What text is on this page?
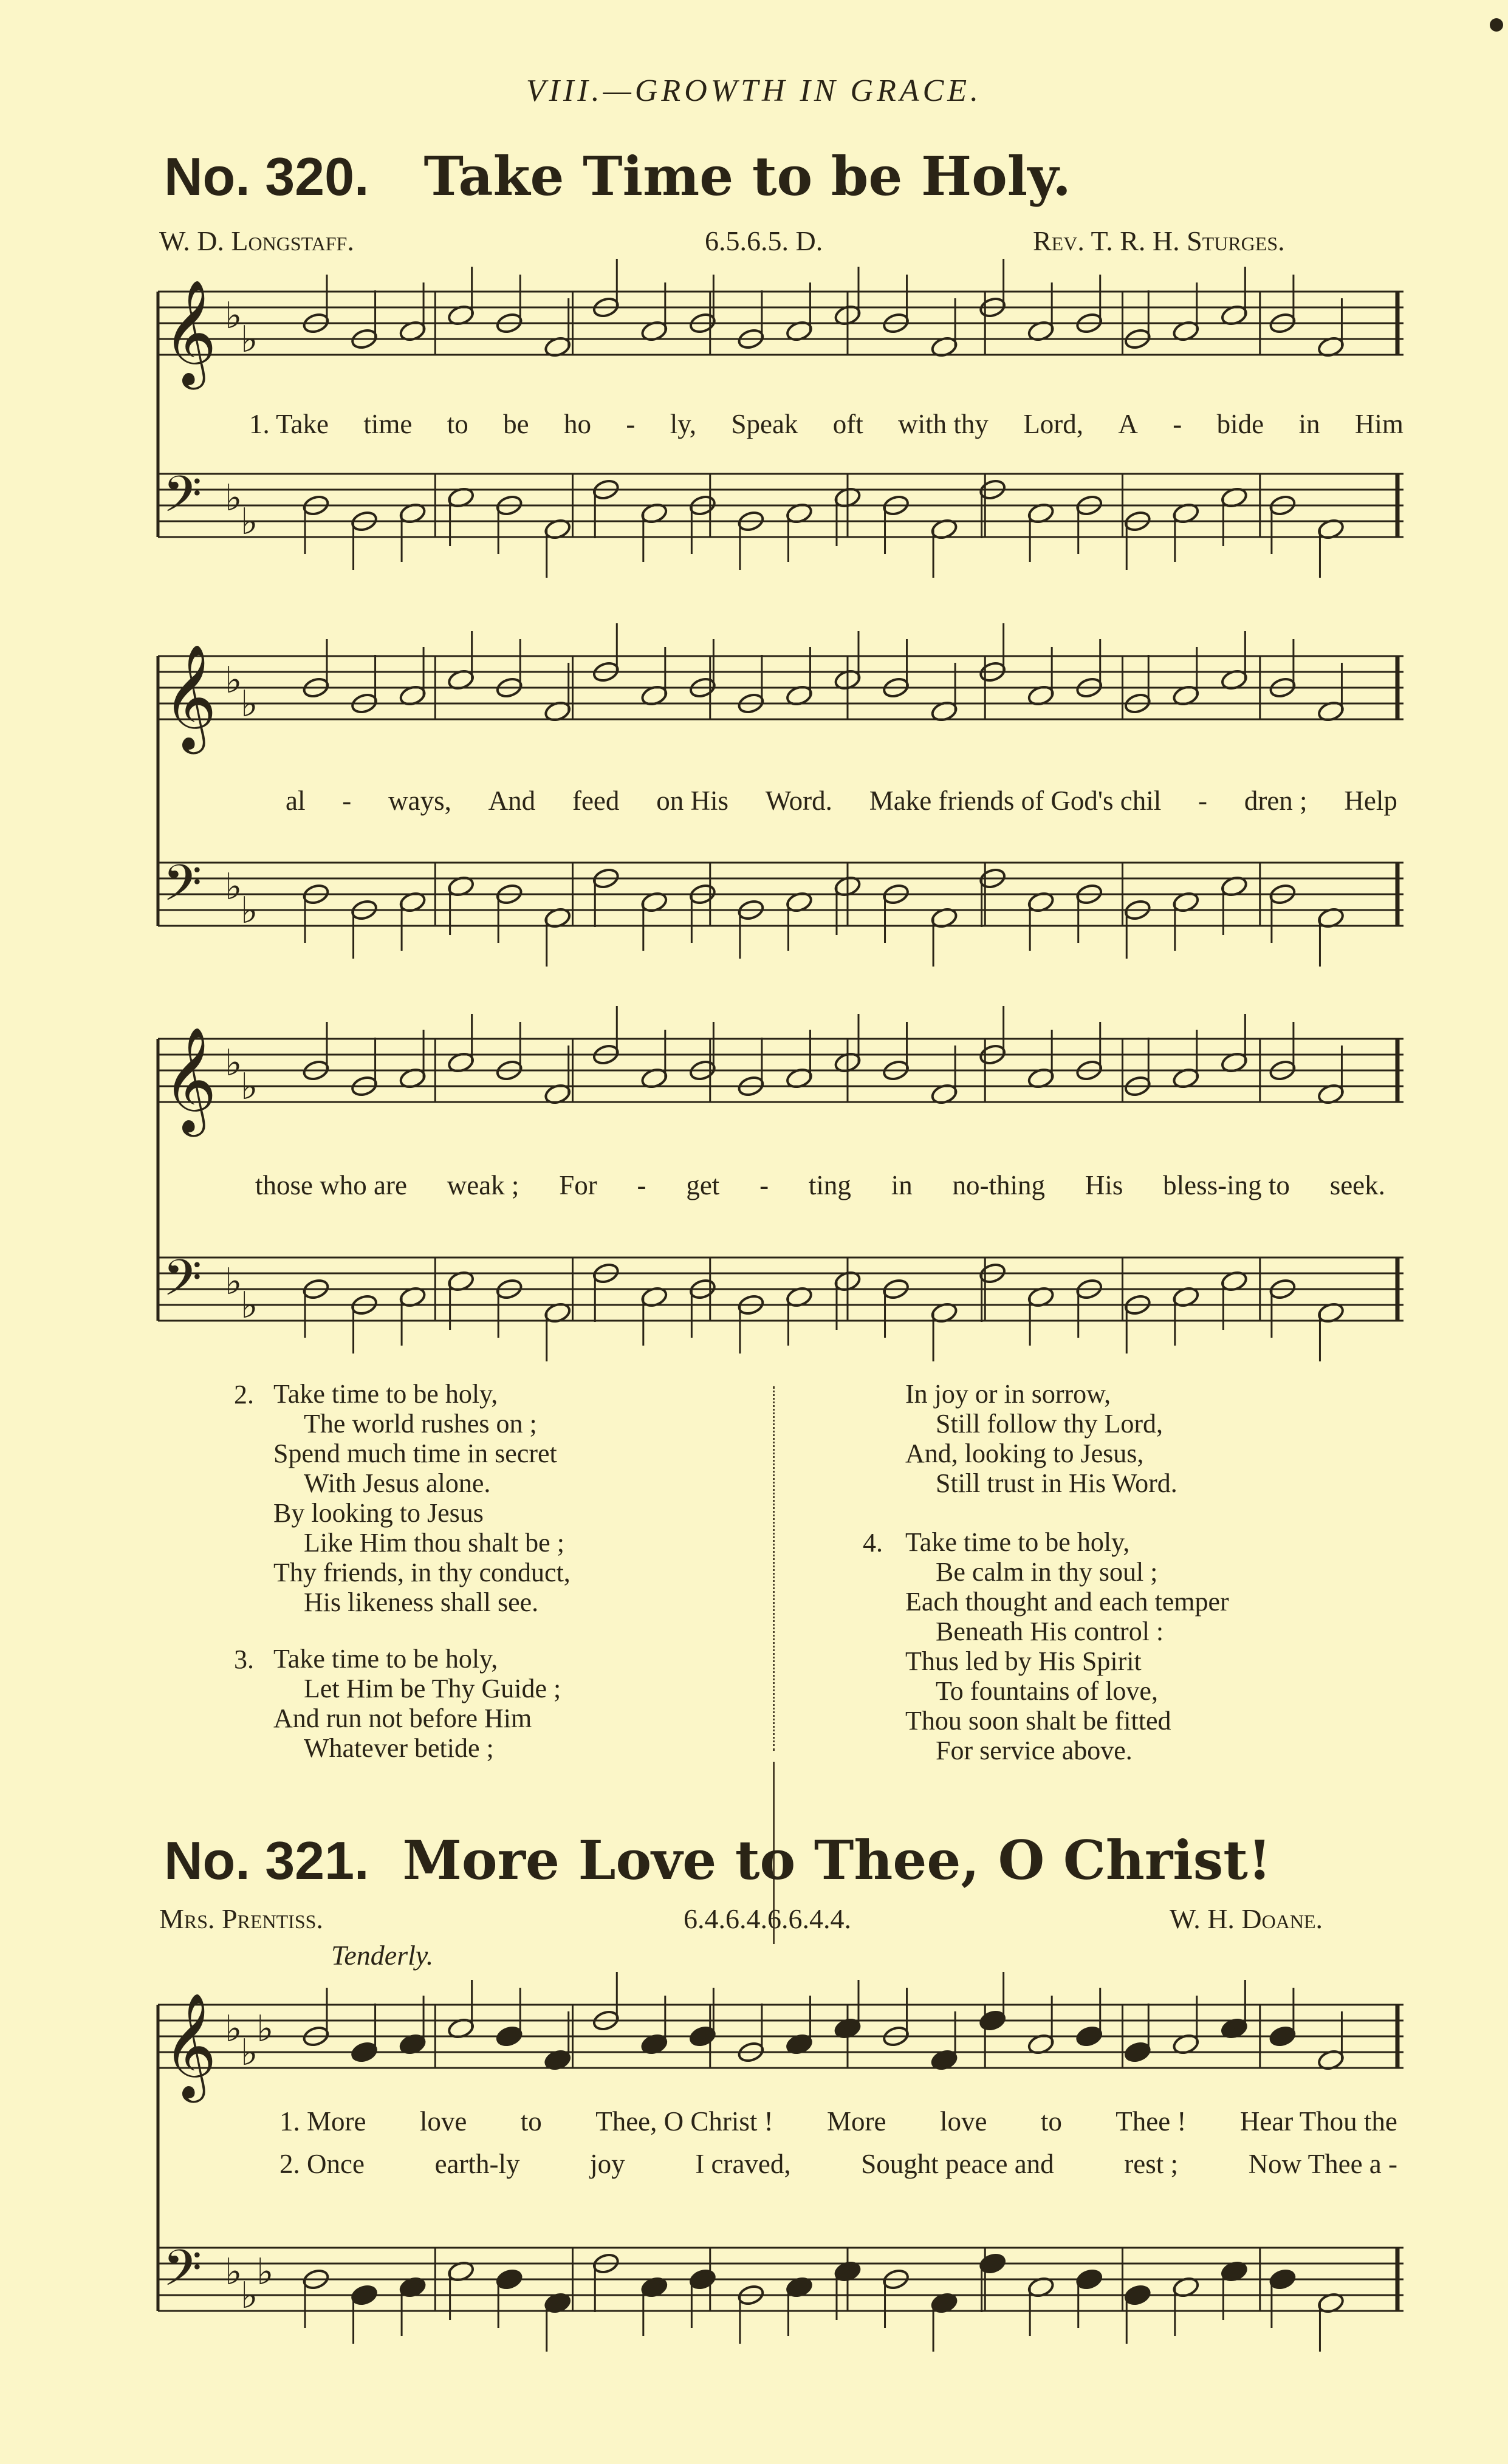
VIII.—GROWTH IN GRACE.
No. 320. Take Time to be Holy.
W. D. Longstaff.	6.5.6.5. D.	Rev. T. R. H. Sturges.
𝄞 ♭
♭
𝄢 ♭
♭
1. Take time to be ho - ly, Speak oft with thy Lord, A - bide in Him
𝄞 ♭
♭
𝄢 ♭
♭
al - ways, And feed on His Word. Make friends of God's chil - dren ; Help
𝄞 ♭
♭
𝄢 ♭
♭
those who are weak ; For - get - ting in no-thing His bless-ing to seek.
2. Take time to be holy,
The world rushes on ;
Spend much time in secret
With Jesus alone.
By looking to Jesus
Like Him thou shalt be ;
Thy friends, in thy conduct,
His likeness shall see.
3. Take time to be holy,
Let Him be Thy Guide ;
And run not before Him
Whatever betide ;
In joy or in sorrow,
Still follow thy Lord,
And, looking to Jesus,
Still trust in His Word.
4. Take time to be holy,
Be calm in thy soul ;
Each thought and each temper
Beneath His control :
Thus led by His Spirit
To fountains of love,
Thou soon shalt be fitted
For service above.
No. 321. More Love to Thee, O Christ!
Mrs. Prentiss.	6.4.6.4.6.6.4.4.	W. H. Doane.
Tenderly.
𝄞 ♭
♭
♭
𝄢 ♭
♭
♭
1. More love to Thee, O Christ ! More love to Thee ! Hear Thou the
2. Once	earth-ly	joy	I craved,	Sought peace and	rest ;	Now Thee a -
